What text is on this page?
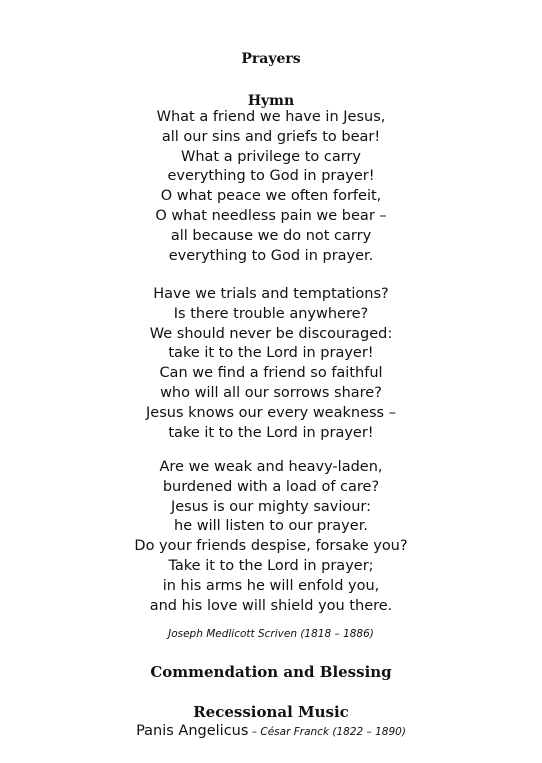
Prayers
Hymn
What a friend we have in Jesus,
all our sins and griefs to bear!
What a privilege to carry
everything to God in prayer!
O what peace we often forfeit,
O what needless pain we bear –
all because we do not carry
everything to God in prayer.
Have we trials and temptations?
Is there trouble anywhere?
We should never be discouraged:
take it to the Lord in prayer!
Can we find a friend so faithful
who will all our sorrows share?
Jesus knows our every weakness –
take it to the Lord in prayer!
Are we weak and heavy-laden,
burdened with a load of care?
Jesus is our mighty saviour:
he will listen to our prayer.
Do your friends despise, forsake you?
Take it to the Lord in prayer;
in his arms he will enfold you,
and his love will shield you there.
Joseph Medlicott Scriven (1818 – 1886)
Commendation and Blessing
Recessional Music
Panis Angelicus – César Franck (1822 – 1890)
